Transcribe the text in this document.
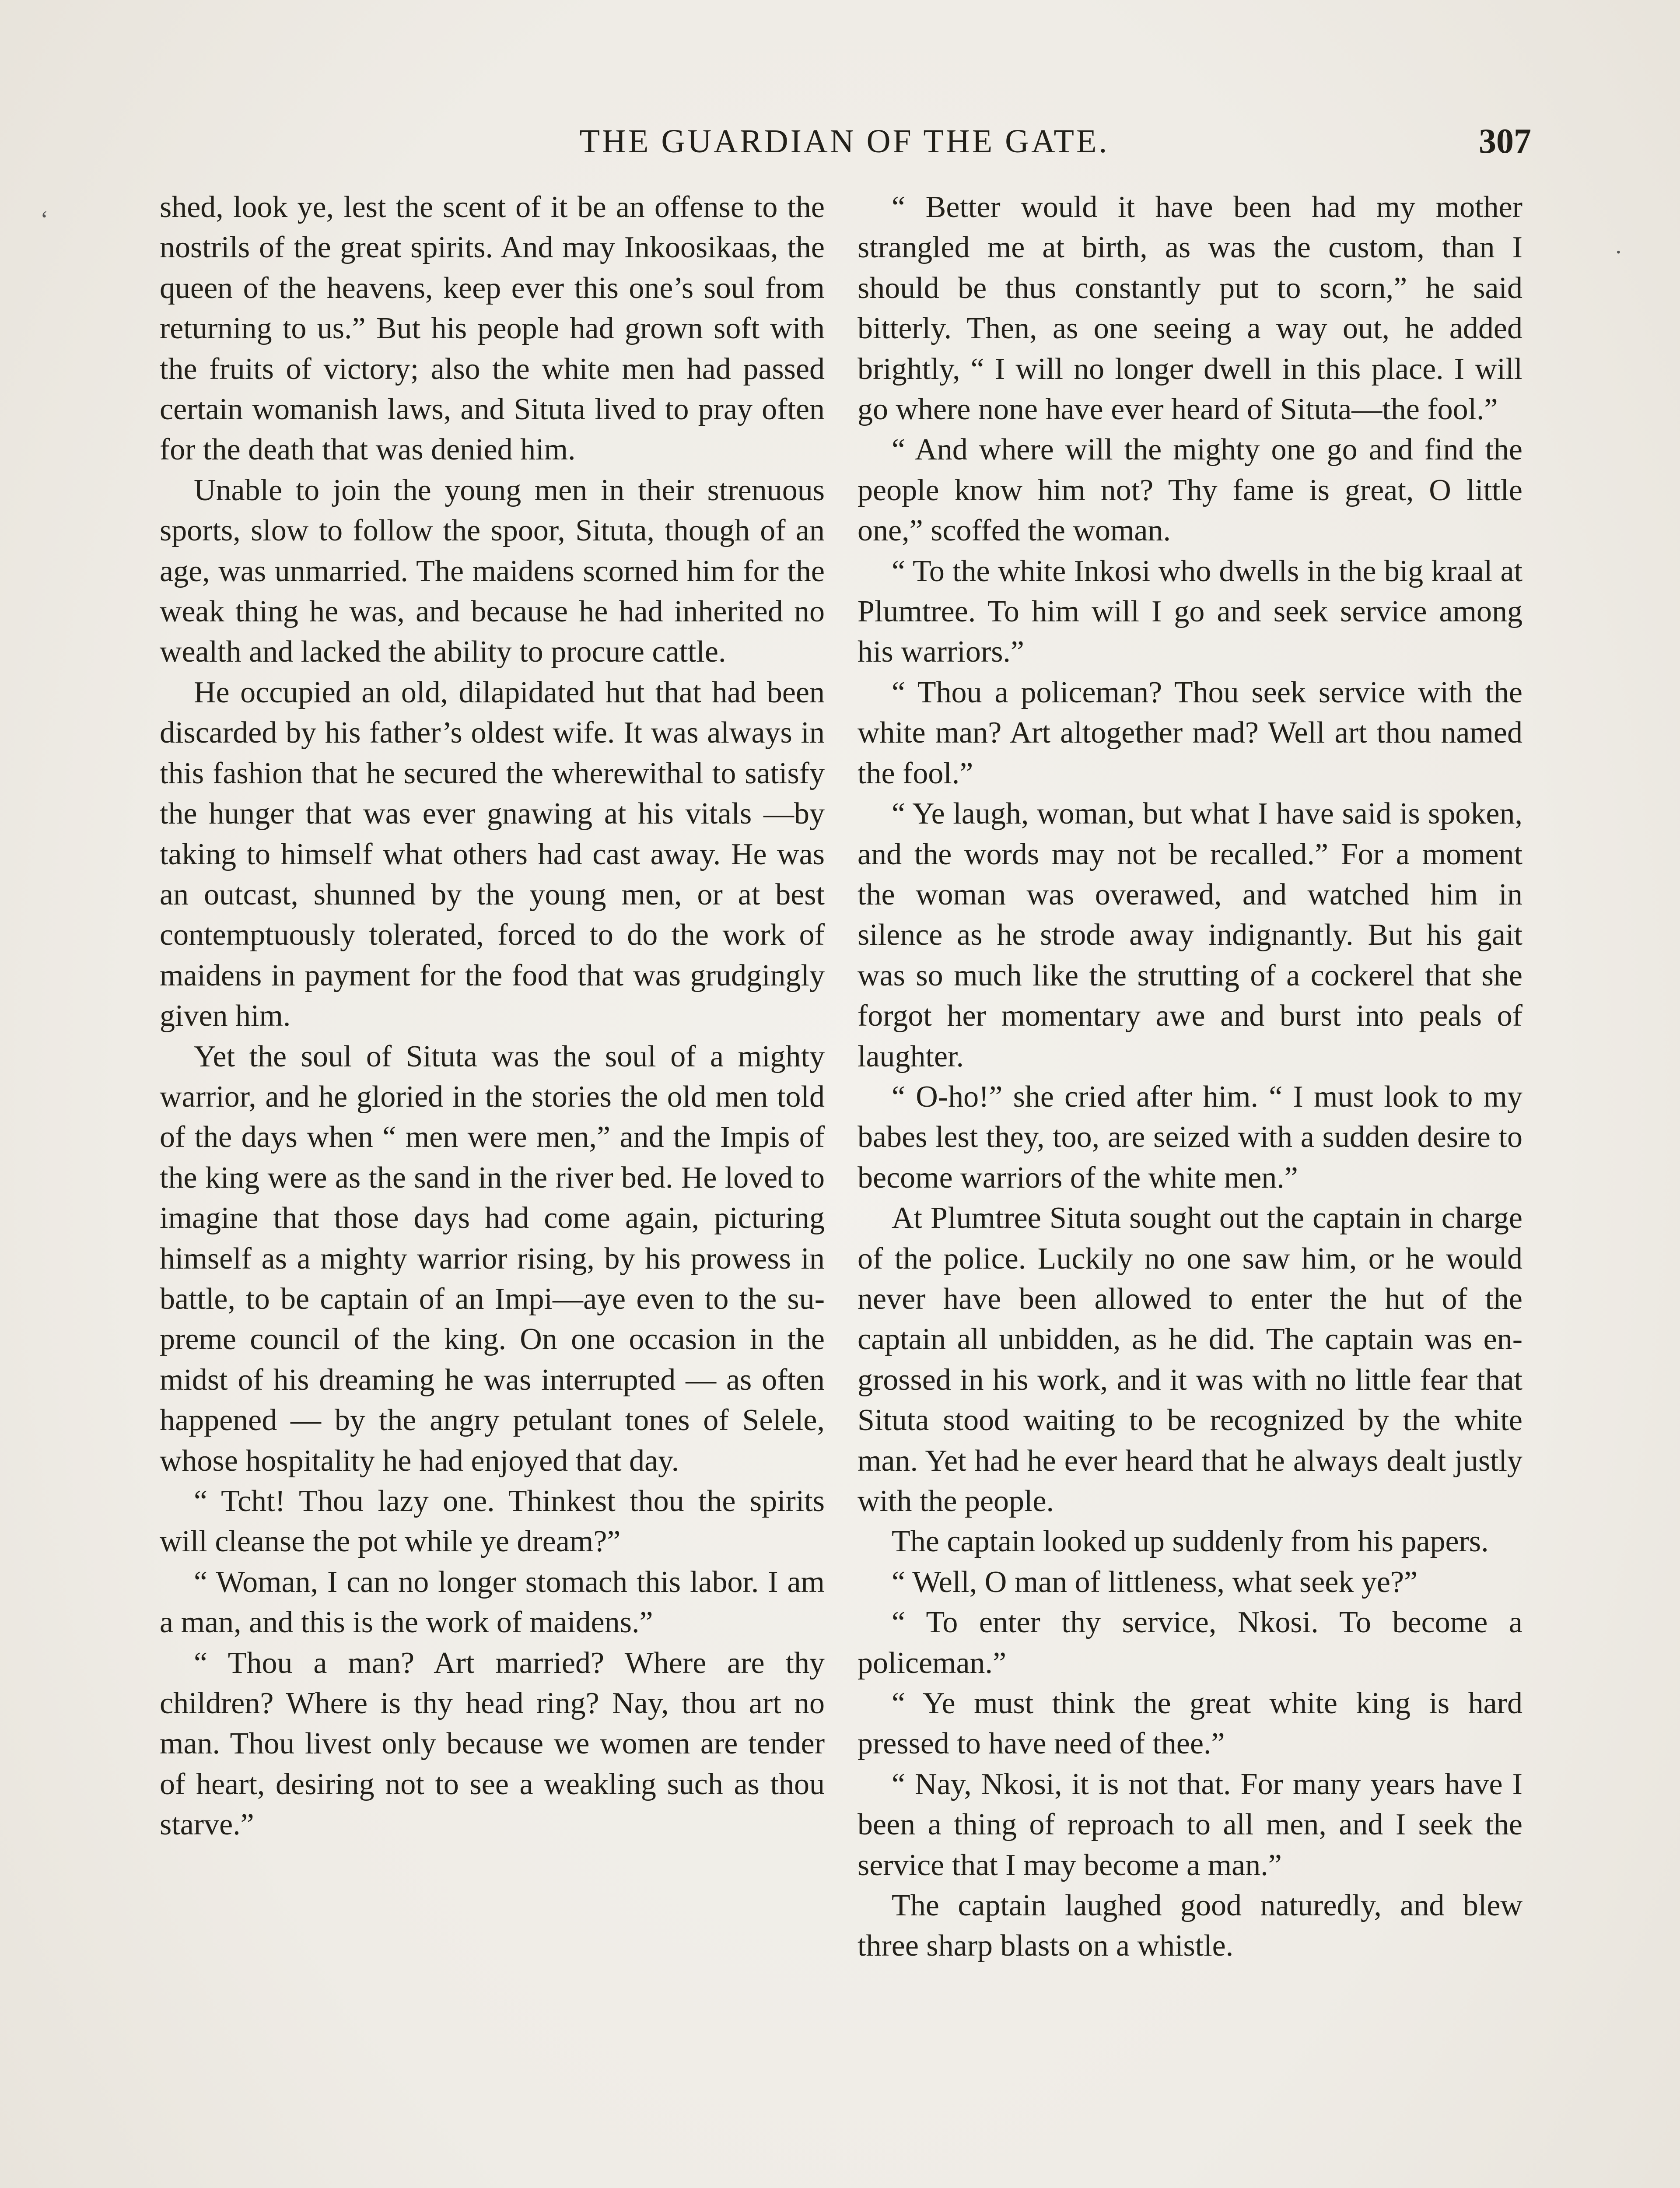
THE GUARDIAN OF THE GATE.	307

shed, look ye, lest the scent of it be an offense to the nostrils of the great spirits. And may Inkoosikaas, the queen of the heavens, keep ever this one’s soul from returning to us.” But his people had grown soft with the fruits of victory; also the white men had passed certain womanish laws, and Situta lived to pray often for the death that was denied him.

Unable to join the young men in their strenuous sports, slow to follow the spoor, Situta, though of an age, was unmarried. The maidens scorned him for the weak thing he was, and because he had inherited no wealth and lacked the ability to procure cattle.

He occupied an old, dilapidated hut that had been discarded by his father’s oldest wife. It was always in this fashion that he secured the wherewithal to satisfy the hunger that was ever gnawing at his vitals —by taking to himself what others had cast away. He was an outcast, shunned by the young men, or at best contemptuously tolerated, forced to do the work of maidens in payment for the food that was grudgingly given him.

Yet the soul of Situta was the soul of a mighty warrior, and he gloried in the stories the old men told of the days when “ men were men,” and the Impis of the king were as the sand in the river bed. He loved to imagine that those days had come again, picturing himself as a mighty warrior rising, by his prowess in battle, to be captain of an Impi—aye even to the supreme council of the king. On one occasion in the midst of his dreaming he was interrupted — as often happened — by the angry petulant tones of Selele, whose hospitality he had enjoyed that day.

“ Tcht! Thou lazy one. Thinkest thou the spirits will cleanse the pot while ye dream?”

“ Woman, I can no longer stomach this labor. I am a man, and this is the work of maidens.”

“ Thou a man? Art married? Where are thy children? Where is thy head ring? Nay, thou art no man. Thou livest only because we women are tender of heart, desiring not to see a weakling such as thou starve.”

“ Better would it have been had my mother strangled me at birth, as was the custom, than I should be thus constantly put to scorn,” he said bitterly. Then, as one seeing a way out, he added brightly, “ I will no longer dwell in this place. I will go where none have ever heard of Situta—the fool.”

“ And where will the mighty one go and find the people know him not? Thy fame is great, O little one,” scoffed the woman.

“ To the white Inkosi who dwells in the big kraal at Plumtree. To him will I go and seek service among his warriors.”

“ Thou a policeman? Thou seek service with the white man? Art altogether mad? Well art thou named the fool.”

“ Ye laugh, woman, but what I have said is spoken, and the words may not be recalled.” For a moment the woman was overawed, and watched him in silence as he strode away indignantly. But his gait was so much like the strutting of a cockerel that she forgot her momentary awe and burst into peals of laughter.

“ O-ho!” she cried after him. “ I must look to my babes lest they, too, are seized with a sudden desire to become warriors of the white men.”

At Plumtree Situta sought out the captain in charge of the police. Luckily no one saw him, or he would never have been allowed to enter the hut of the captain all unbidden, as he did. The captain was engrossed in his work, and it was with no little fear that Situta stood waiting to be recognized by the white man. Yet had he ever heard that he always dealt justly with the people.

The captain looked up suddenly from his papers.

“ Well, O man of littleness, what seek ye?”

“ To enter thy service, Nkosi. To become a policeman.”

“ Ye must think the great white king is hard pressed to have need of thee.”

“ Nay, Nkosi, it is not that. For many years have I been a thing of reproach to all men, and I seek the service that I may become a man.”

The captain laughed good naturedly, and blew three sharp blasts on a whistle.

ʻ
·
